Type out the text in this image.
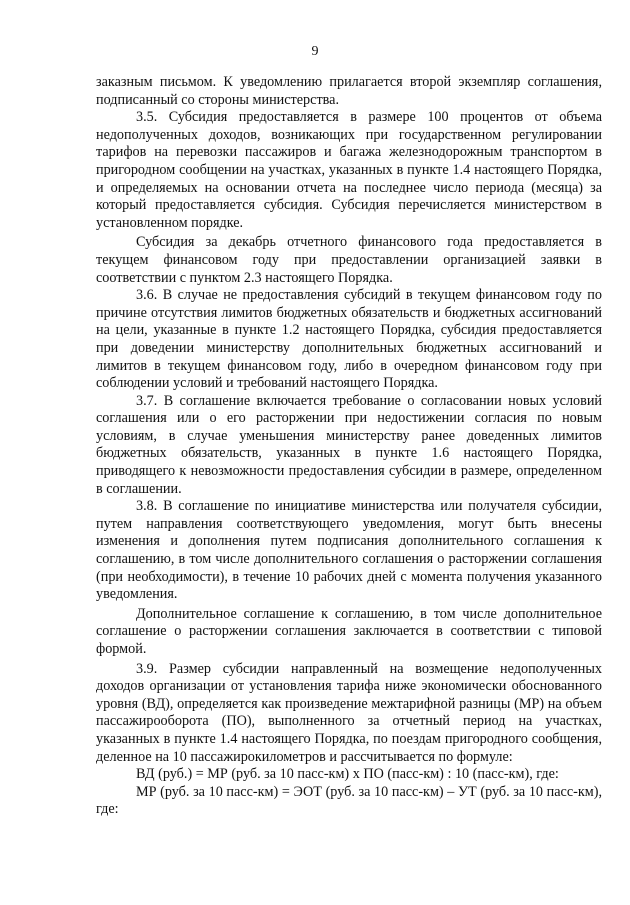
9

заказным письмом. К уведомлению прилагается второй экземпляр соглашения, подписанный со стороны министерства.

3.5. Субсидия предоставляется в размере 100 процентов от объема недополученных доходов, возникающих при государственном регулировании тарифов на перевозки пассажиров и багажа железнодорожным транспортом в пригородном сообщении на участках, указанных в пункте 1.4 настоящего Порядка, и определяемых на основании отчета на последнее число периода (месяца) за который предоставляется субсидия. Субсидия перечисляется министерством в установленном порядке.

Субсидия за декабрь отчетного финансового года предоставляется в текущем финансовом году при предоставлении организацией заявки в соответствии с пунктом 2.3 настоящего Порядка.

3.6. В случае не предоставления субсидий в текущем финансовом году по причине отсутствия лимитов бюджетных обязательств и бюджетных ассигнований на цели, указанные в пункте 1.2 настоящего Порядка, субсидия предоставляется при доведении министерству дополнительных бюджетных ассигнований и лимитов в текущем финансовом году, либо в очередном финансовом году при соблюдении условий и требований настоящего Порядка.

3.7. В соглашение включается требование о согласовании новых условий соглашения или о его расторжении при недостижении согласия по новым условиям, в случае уменьшения министерству ранее доведенных лимитов бюджетных обязательств, указанных в пункте 1.6 настоящего Порядка, приводящего к невозможности предоставления субсидии в размере, определенном в соглашении.

3.8. В соглашение по инициативе министерства или получателя субсидии, путем направления соответствующего уведомления, могут быть внесены изменения и дополнения путем подписания дополнительного соглашения к соглашению, в том числе дополнительного соглашения о расторжении соглашения (при необходимости), в течение 10 рабочих дней с момента получения указанного уведомления.

Дополнительное соглашение к соглашению, в том числе дополнительное соглашение о расторжении соглашения заключается в соответствии с типовой формой.

3.9. Размер субсидии направленный на возмещение недополученных доходов организации от установления тарифа ниже экономически обоснованного уровня (ВД), определяется как произведение межтарифной разницы (МР) на объем пассажирооборота (ПО), выполненного за отчетный период на участках, указанных в пункте 1.4 настоящего Порядка, по поездам пригородного сообщения, деленное на 10 пассажирокилометров и рассчитывается по формуле:

ВД (руб.) = МР (руб. за 10 пасс-км) х ПО (пасс-км) : 10 (пасс-км), где:

МР (руб. за 10 пасс-км) = ЭОТ (руб. за 10 пасс-км) – УТ (руб. за 10 пасс-км), где:
